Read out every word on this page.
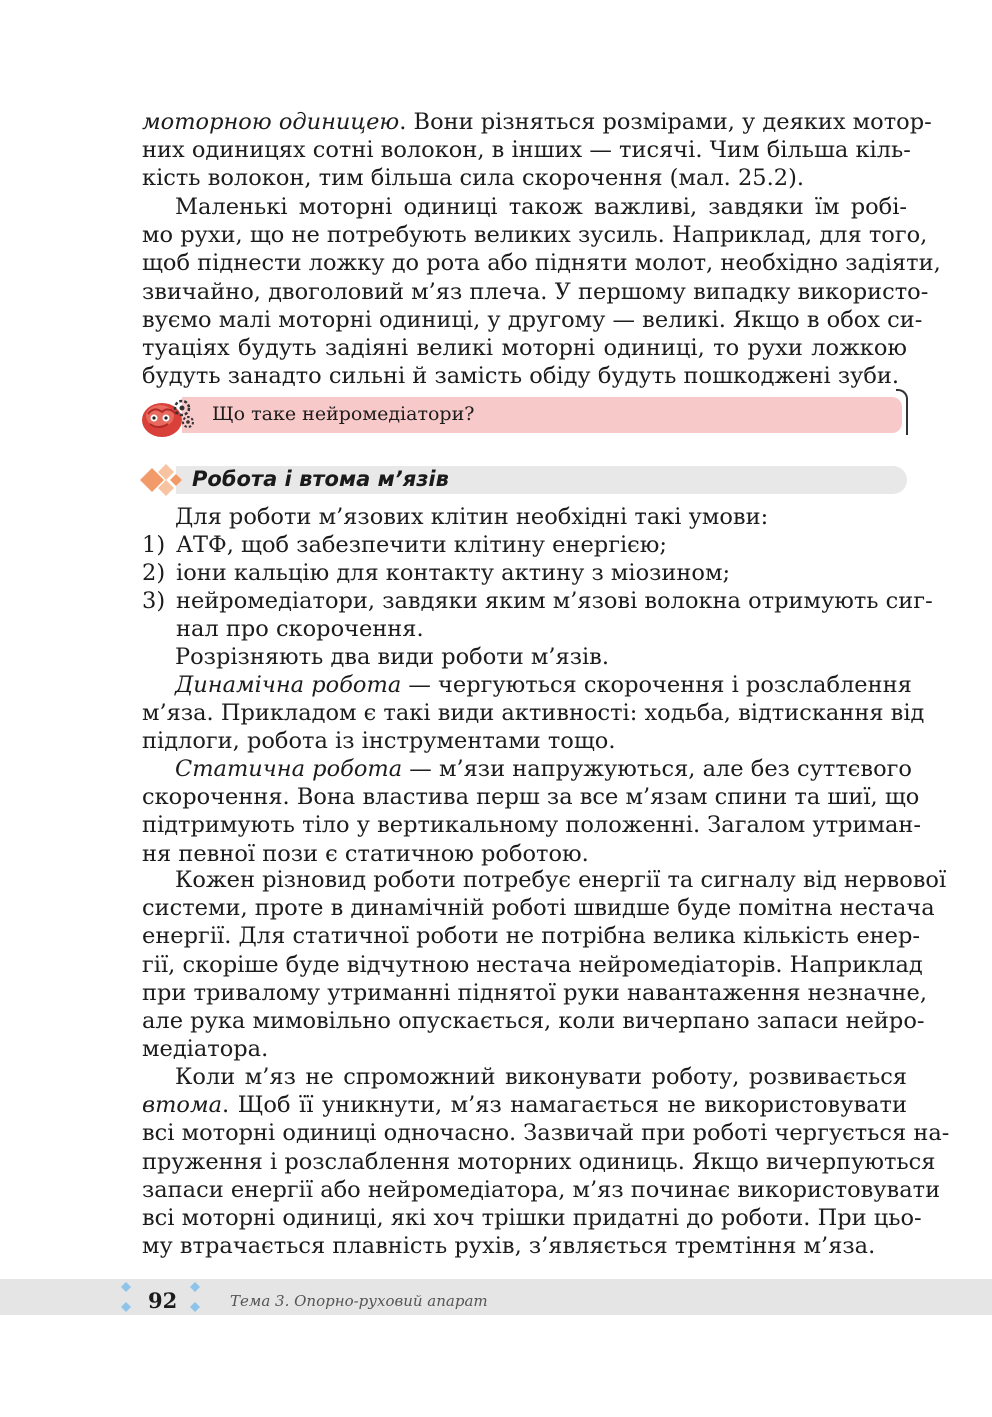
моторною одиницею. Вони різняться розмірами, у деяких мотор-
них одиницях сотні волокон, в інших — тисячі. Чим більша кіль-
кість волокон, тим більша сила скорочення (мал. 25.2).
Маленькі моторні одиниці також важливі, завдяки їм робі-
мо рухи, що не потребують великих зусиль. Наприклад, для того,
щоб піднести ложку до рота або підняти молот, необхідно задіяти,
звичайно, двоголовий м’яз плеча. У першому випадку використо-
вуємо малі моторні одиниці, у другому — великі. Якщо в обох си-
туаціях будуть задіяні великі моторні одиниці, то рухи ложкою
будуть занадто сильні й замість обіду будуть пошкоджені зуби.
Що таке нейромедіатори?
Робота і втома м’язів
Для роботи м’язових клітин необхідні такі умови:
1) АТФ, щоб забезпечити клітину енергією;
2) іони кальцію для контакту актину з міозином;
3) нейромедіатори, завдяки яким м’язові волокна отримують сиг-
нал про скорочення.
Розрізняють два види роботи м’язів.
Динамічна робота — чергуються скорочення і розслаблення
м’яза. Прикладом є такі види активності: ходьба, відтискання від
підлоги, робота із інструментами тощо.
Статична робота — м’язи напружуються, але без суттєвого
скорочення. Вона властива перш за все м’язам спини та шиї, що
підтримують тіло у вертикальному положенні. Загалом утриман-
ня певної пози є статичною роботою.
Кожен різновид роботи потребує енергії та сигналу від нервової
системи, проте в динамічній роботі швидше буде помітна нестача
енергії. Для статичної роботи не потрібна велика кількість енер-
гії, скоріше буде відчутною нестача нейромедіаторів. Наприклад
при тривалому утриманні піднятої руки навантаження незначне,
але рука мимовільно опускається, коли вичерпано запаси нейро-
медіатора.
Коли м’яз не спроможний виконувати роботу, розвивається
втома. Щоб її уникнути, м’яз намагається не використовувати
всі моторні одиниці одночасно. Зазвичай при роботі чергується на-
пруження і розслаблення моторних одиниць. Якщо вичерпуються
запаси енергії або нейромедіатора, м’яз починає використовувати
всі моторні одиниці, які хоч трішки придатні до роботи. При цьо-
му втрачається плавність рухів, з’являється тремтіння м’яза.
92	Тема 3. Опорно-руховий апарат
